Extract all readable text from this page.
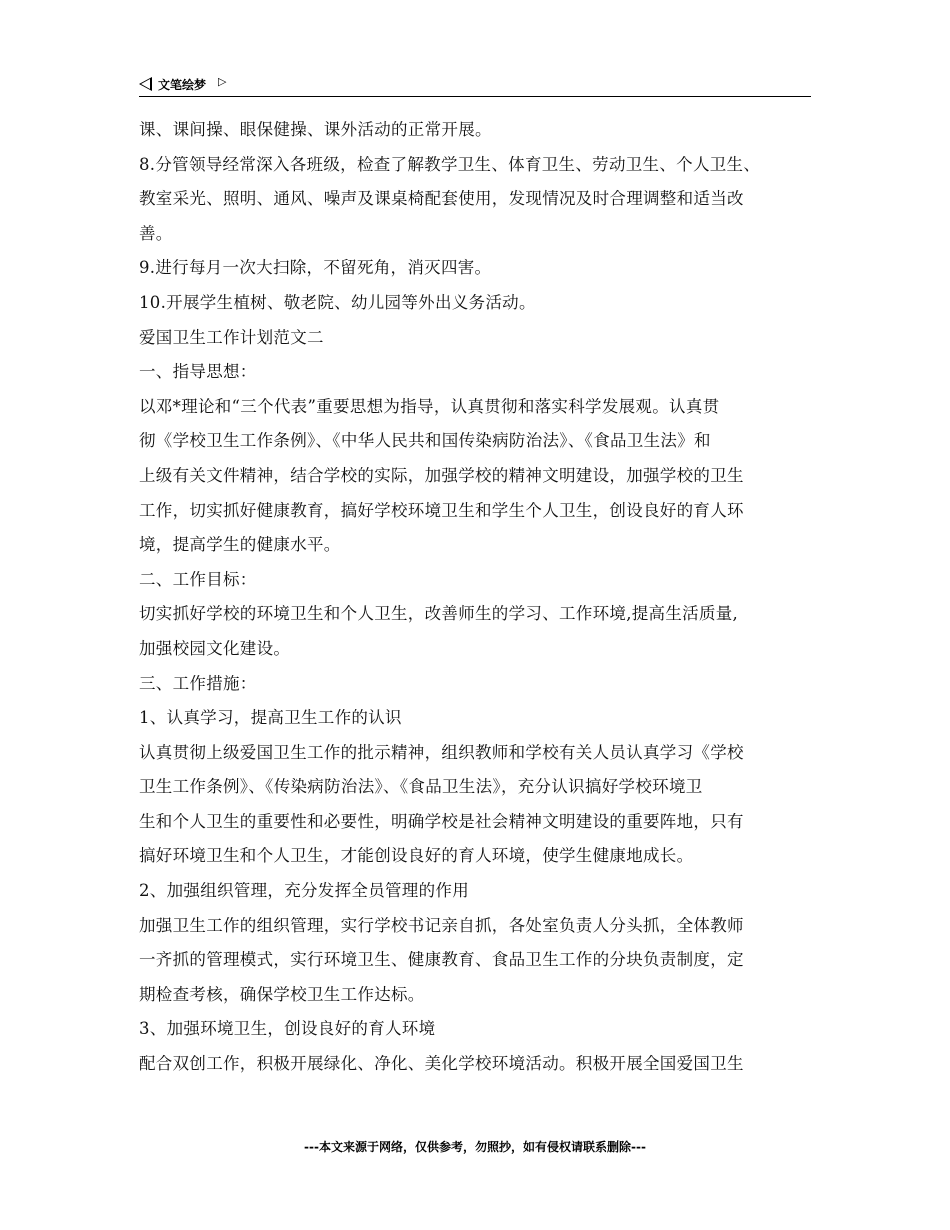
文笔绘梦 ▷

课、课间操、眼保健操、课外活动的正常开展。

8.分管领导经常深入各班级，检查了解教学卫生、体育卫生、劳动卫生、个人卫生、

教室采光、照明、通风、噪声及课桌椅配套使用，发现情况及时合理调整和适当改

善。

9.进行每月一次大扫除，不留死角，消灭四害。

10.开展学生植树、敬老院、幼儿园等外出义务活动。

爱国卫生工作计划范文二

一、指导思想：

以邓*理论和“三个代表”重要思想为指导，认真贯彻和落实科学发展观。认真贯

彻《学校卫生工作条例》、《中华人民共和国传染病防治法》、《食品卫生法》和

上级有关文件精神，结合学校的实际，加强学校的精神文明建设，加强学校的卫生

工作，切实抓好健康教育，搞好学校环境卫生和学生个人卫生，创设良好的育人环

境，提高学生的健康水平。

二、工作目标：

切实抓好学校的环境卫生和个人卫生，改善师生的学习、工作环境,提高生活质量,

加强校园文化建设。

三、工作措施：

1、认真学习，提高卫生工作的认识

认真贯彻上级爱国卫生工作的批示精神，组织教师和学校有关人员认真学习《学校

卫生工作条例》、《传染病防治法》、《食品卫生法》，充分认识搞好学校环境卫

生和个人卫生的重要性和必要性，明确学校是社会精神文明建设的重要阵地，只有

搞好环境卫生和个人卫生，才能创设良好的育人环境，使学生健康地成长。

2、加强组织管理，充分发挥全员管理的作用

加强卫生工作的组织管理，实行学校书记亲自抓，各处室负责人分头抓，全体教师

一齐抓的管理模式，实行环境卫生、健康教育、食品卫生工作的分块负责制度，定

期检查考核，确保学校卫生工作达标。

3、加强环境卫生，创设良好的育人环境

配合双创工作，积极开展绿化、净化、美化学校环境活动。积极开展全国爱国卫生

---本文来源于网络，仅供参考，勿照抄，如有侵权请联系删除---
